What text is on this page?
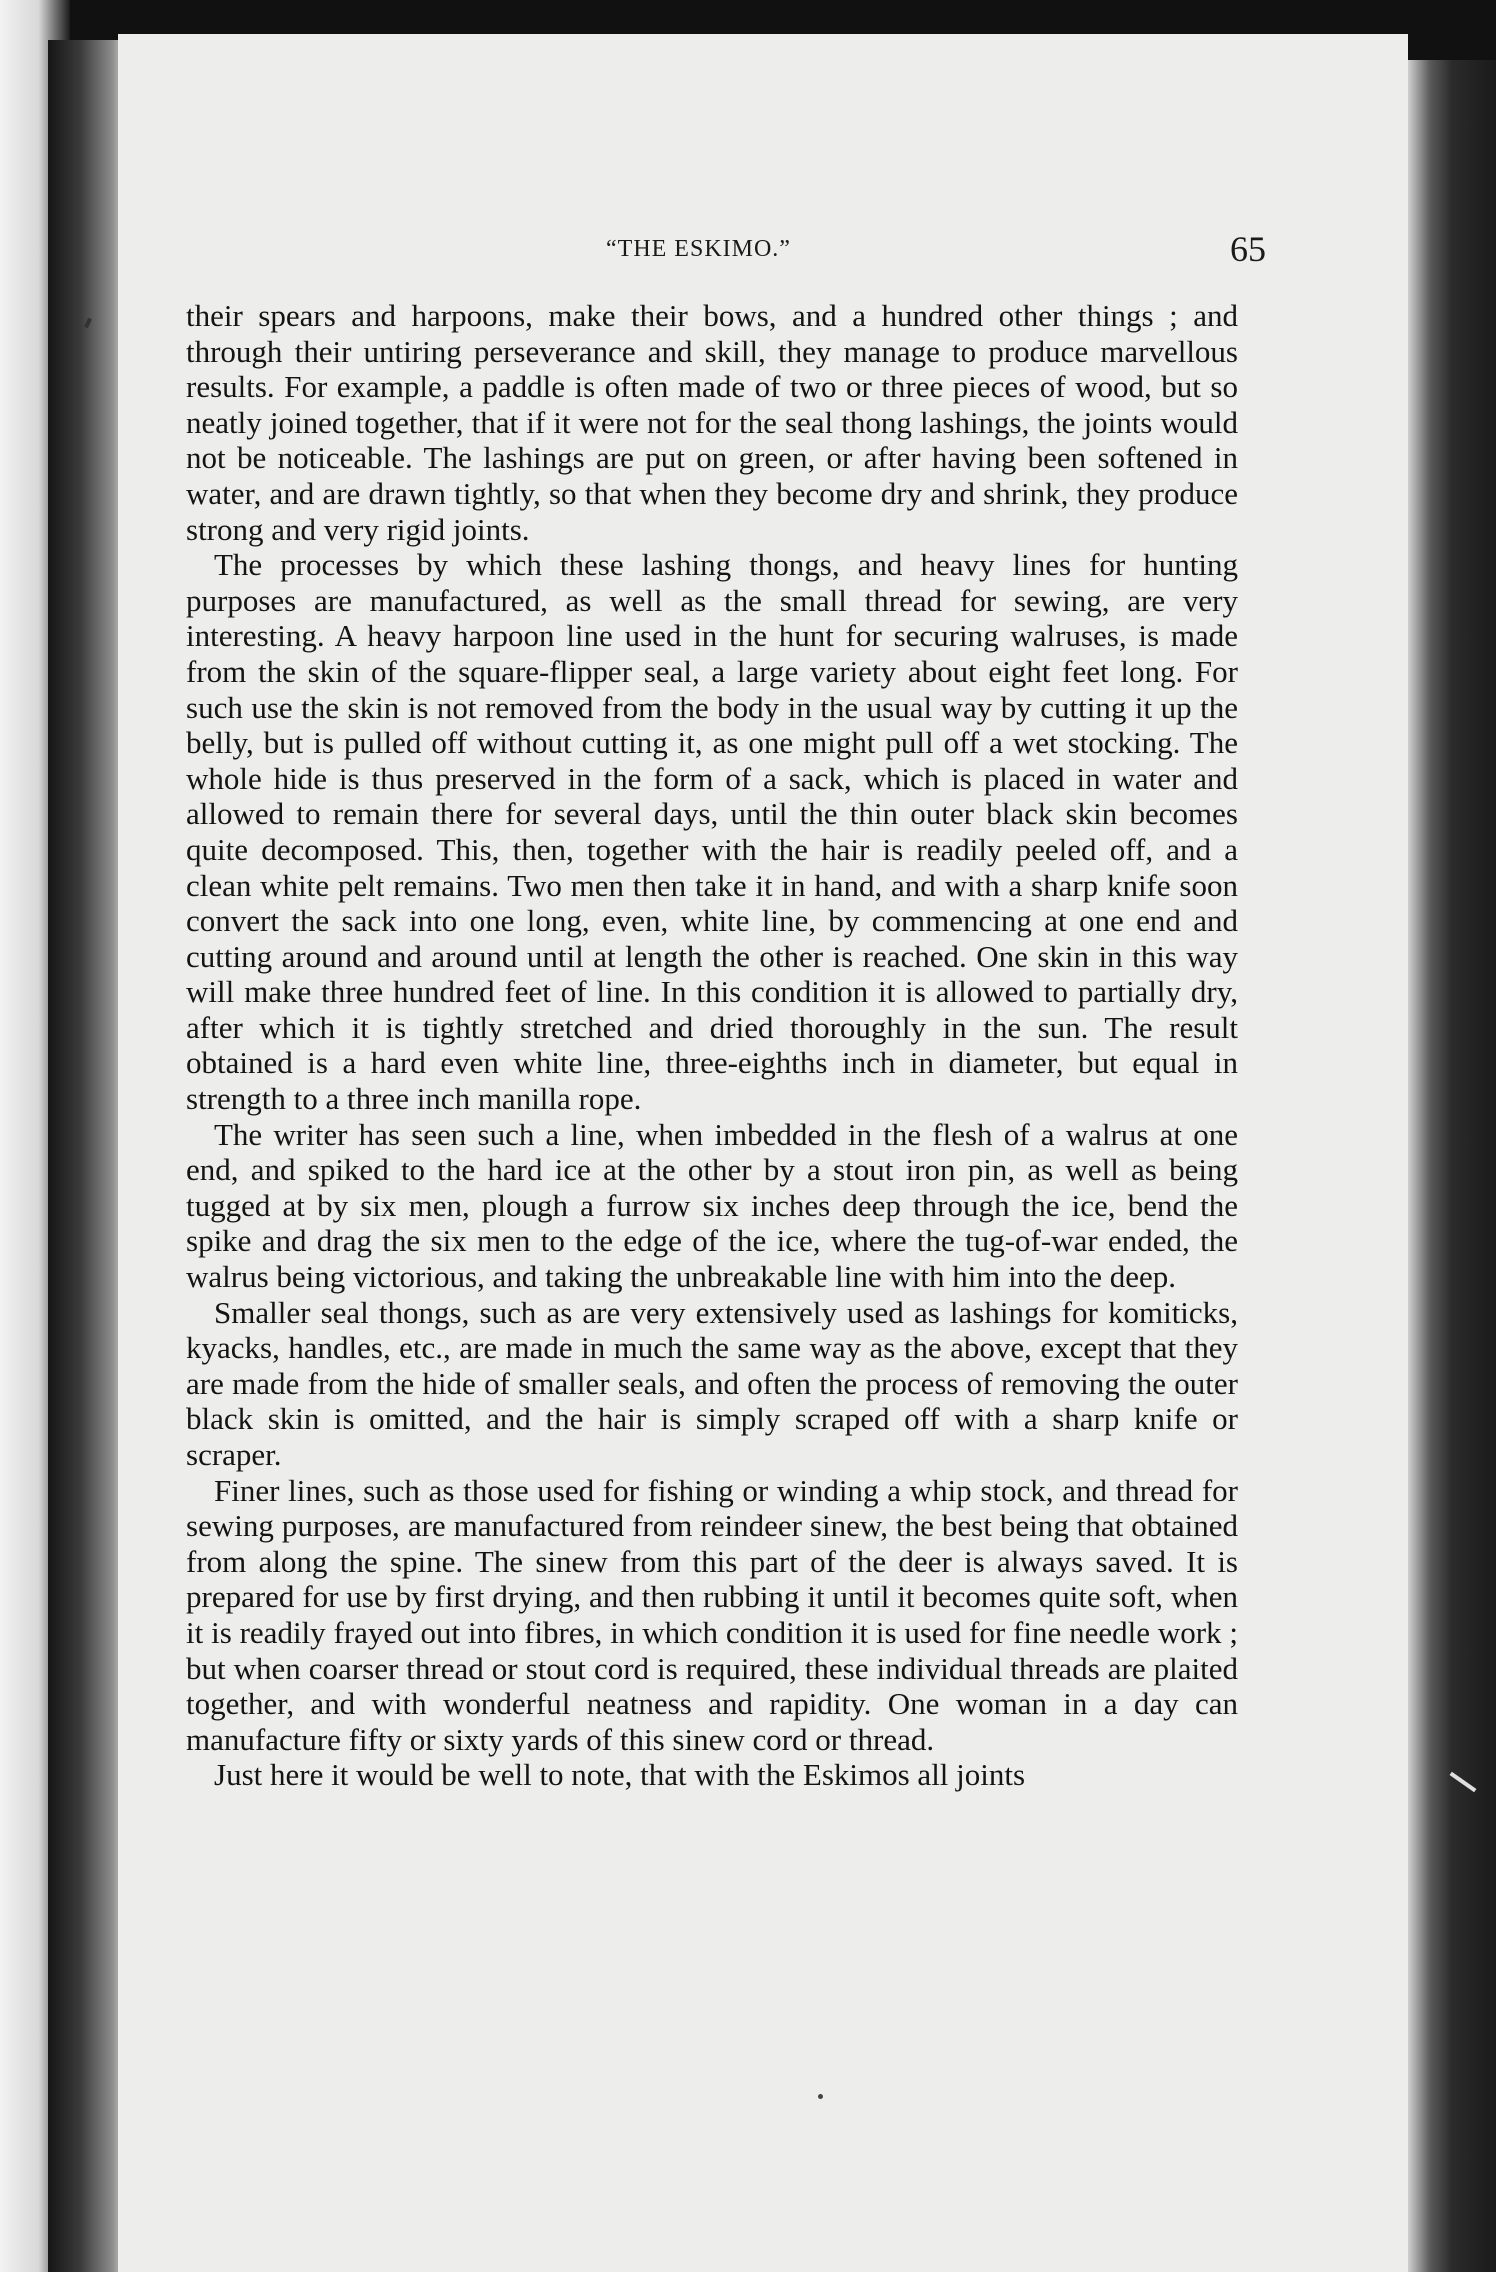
“THE ESKIMO.”	65

their spears and harpoons, make their bows, and a hundred other things ; and through their untiring perseverance and skill, they manage to produce marvellous results. For example, a paddle is often made of two or three pieces of wood, but so neatly joined together, that if it were not for the seal thong lashings, the joints would not be noticeable. The lashings are put on green, or after having been softened in water, and are drawn tightly, so that when they become dry and shrink, they produce strong and very rigid joints.

The processes by which these lashing thongs, and heavy lines for hunting purposes are manufactured, as well as the small thread for sewing, are very interesting. A heavy harpoon line used in the hunt for securing walruses, is made from the skin of the square-flipper seal, a large variety about eight feet long. For such use the skin is not removed from the body in the usual way by cutting it up the belly, but is pulled off without cutting it, as one might pull off a wet stocking. The whole hide is thus preserved in the form of a sack, which is placed in water and allowed to remain there for several days, until the thin outer black skin becomes quite decomposed. This, then, together with the hair is readily peeled off, and a clean white pelt remains. Two men then take it in hand, and with a sharp knife soon convert the sack into one long, even, white line, by commencing at one end and cutting around and around until at length the other is reached. One skin in this way will make three hundred feet of line. In this condition it is allowed to partially dry, after which it is tightly stretched and dried thoroughly in the sun. The result obtained is a hard even white line, three-eighths inch in diameter, but equal in strength to a three inch manilla rope.

The writer has seen such a line, when imbedded in the flesh of a walrus at one end, and spiked to the hard ice at the other by a stout iron pin, as well as being tugged at by six men, plough a furrow six inches deep through the ice, bend the spike and drag the six men to the edge of the ice, where the tug-of-war ended, the walrus being victorious, and taking the unbreakable line with him into the deep.

Smaller seal thongs, such as are very extensively used as lashings for komiticks, kyacks, handles, etc., are made in much the same way as the above, except that they are made from the hide of smaller seals, and often the process of removing the outer black skin is omitted, and the hair is simply scraped off with a sharp knife or scraper.

Finer lines, such as those used for fishing or winding a whip stock, and thread for sewing purposes, are manufactured from reindeer sinew, the best being that obtained from along the spine. The sinew from this part of the deer is always saved. It is prepared for use by first drying, and then rubbing it until it becomes quite soft, when it is readily frayed out into fibres, in which condition it is used for fine needle work ; but when coarser thread or stout cord is required, these individual threads are plaited together, and with wonderful neatness and rapidity. One woman in a day can manufacture fifty or sixty yards of this sinew cord or thread.

Just here it would be well to note, that with the Eskimos all joints
